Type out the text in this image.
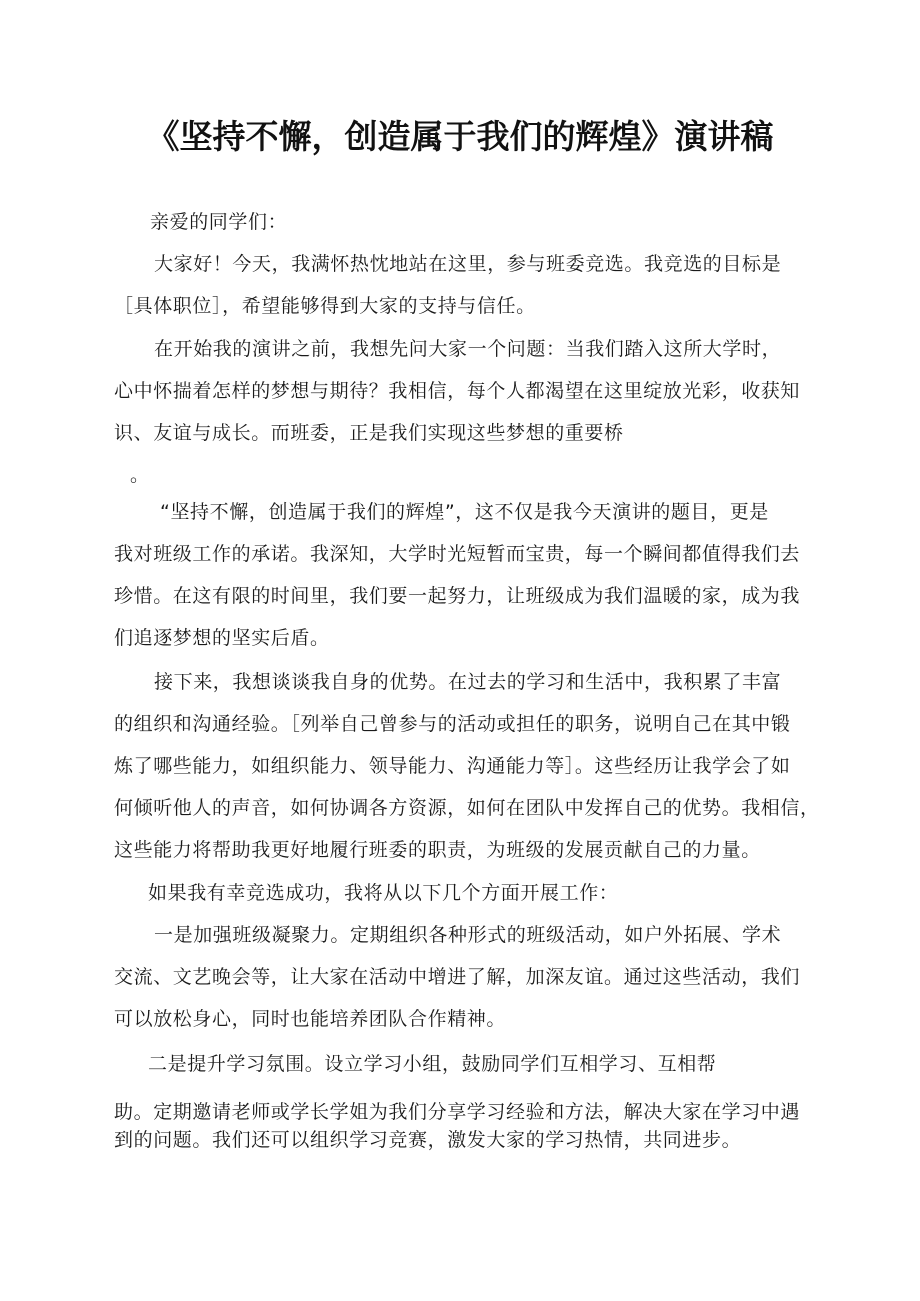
《坚持不懈，创造属于我们的辉煌》演讲稿

亲爱的同学们：

大家好！今天，我满怀热忱地站在这里，参与班委竞选。我竞选的目标是
［具体职位］，希望能够得到大家的支持与信任。

在开始我的演讲之前，我想先问大家一个问题：当我们踏入这所大学时，
心中怀揣着怎样的梦想与期待？我相信，每个人都渴望在这里绽放光彩，收获知
识、友谊与成长。而班委，正是我们实现这些梦想的重要桥
。

“坚持不懈，创造属于我们的辉煌”，这不仅是我今天演讲的题目，更是
我对班级工作的承诺。我深知，大学时光短暂而宝贵，每一个瞬间都值得我们去
珍惜。在这有限的时间里，我们要一起努力，让班级成为我们温暖的家，成为我
们追逐梦想的坚实后盾。

接下来，我想谈谈我自身的优势。在过去的学习和生活中，我积累了丰富
的组织和沟通经验。［列举自己曾参与的活动或担任的职务，说明自己在其中锻
炼了哪些能力，如组织能力、领导能力、沟通能力等］。这些经历让我学会了如
何倾听他人的声音，如何协调各方资源，如何在团队中发挥自己的优势。我相信，
这些能力将帮助我更好地履行班委的职责，为班级的发展贡献自己的力量。

如果我有幸竞选成功，我将从以下几个方面开展工作：

一是加强班级凝聚力。定期组织各种形式的班级活动，如户外拓展、学术
交流、文艺晚会等，让大家在活动中增进了解，加深友谊。通过这些活动，我们
可以放松身心，同时也能培养团队合作精神。

二是提升学习氛围。设立学习小组，鼓励同学们互相学习、互相帮

助。定期邀请老师或学长学姐为我们分享学习经验和方法，解决大家在学习中遇
到的问题。我们还可以组织学习竞赛，激发大家的学习热情，共同进步。
